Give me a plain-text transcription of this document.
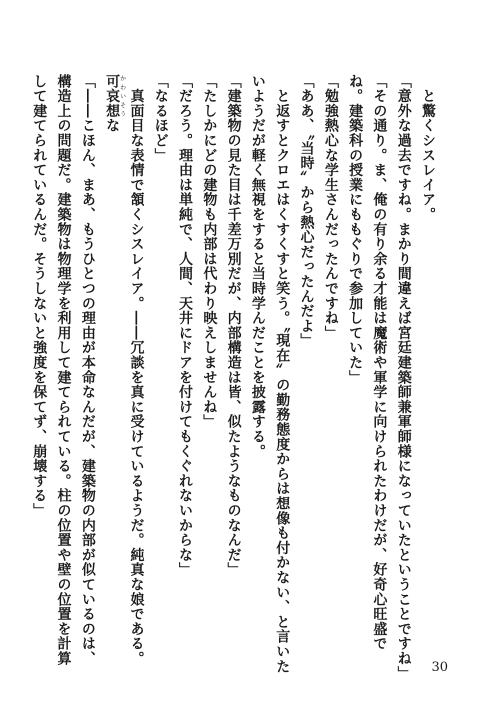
　と驚くシスレイア。

「意外な過去ですね。まかり間違えば宮廷建築師兼軍師様になっていたということですね」

「その通り。ま、俺の有り余る才能は魔術や軍学に向けられたわけだが、好奇心旺盛でね。建築科の授業にももぐりで参加していた」

「勉強熱心な学生さんだったんですね」

「ああ、〝当時〟から熱心だったんだよ」

　と返すとクロエはくすくすと笑う。〝現在〟の勤務態度からは想像も付かない、と言いたいようだが軽く無視をすると当時学んだことを披露する。

「建築物の見た目は千差万別だが、内部構造は皆、似たようなものなんだ」

「たしかにどの建物も内部は代わり映えしませんね」

「だろう。理由は単純で、人間、天井にドアを付けてもくぐれないからな」

「なるほど」

　真面目な表情で頷くシスレイア。――冗談を真に受けているようだ。純真な娘である。可哀想かわいそうな

「――こほん、まあ、もうひとつの理由が本命なんだが、建築物の内部が似ているのは、構造上の問題だ。建築物は物理学を利用して建てられている。柱の位置や壁の位置を計算して建てられているんだ。そうしないと強度を保てず、崩壊する」

30
